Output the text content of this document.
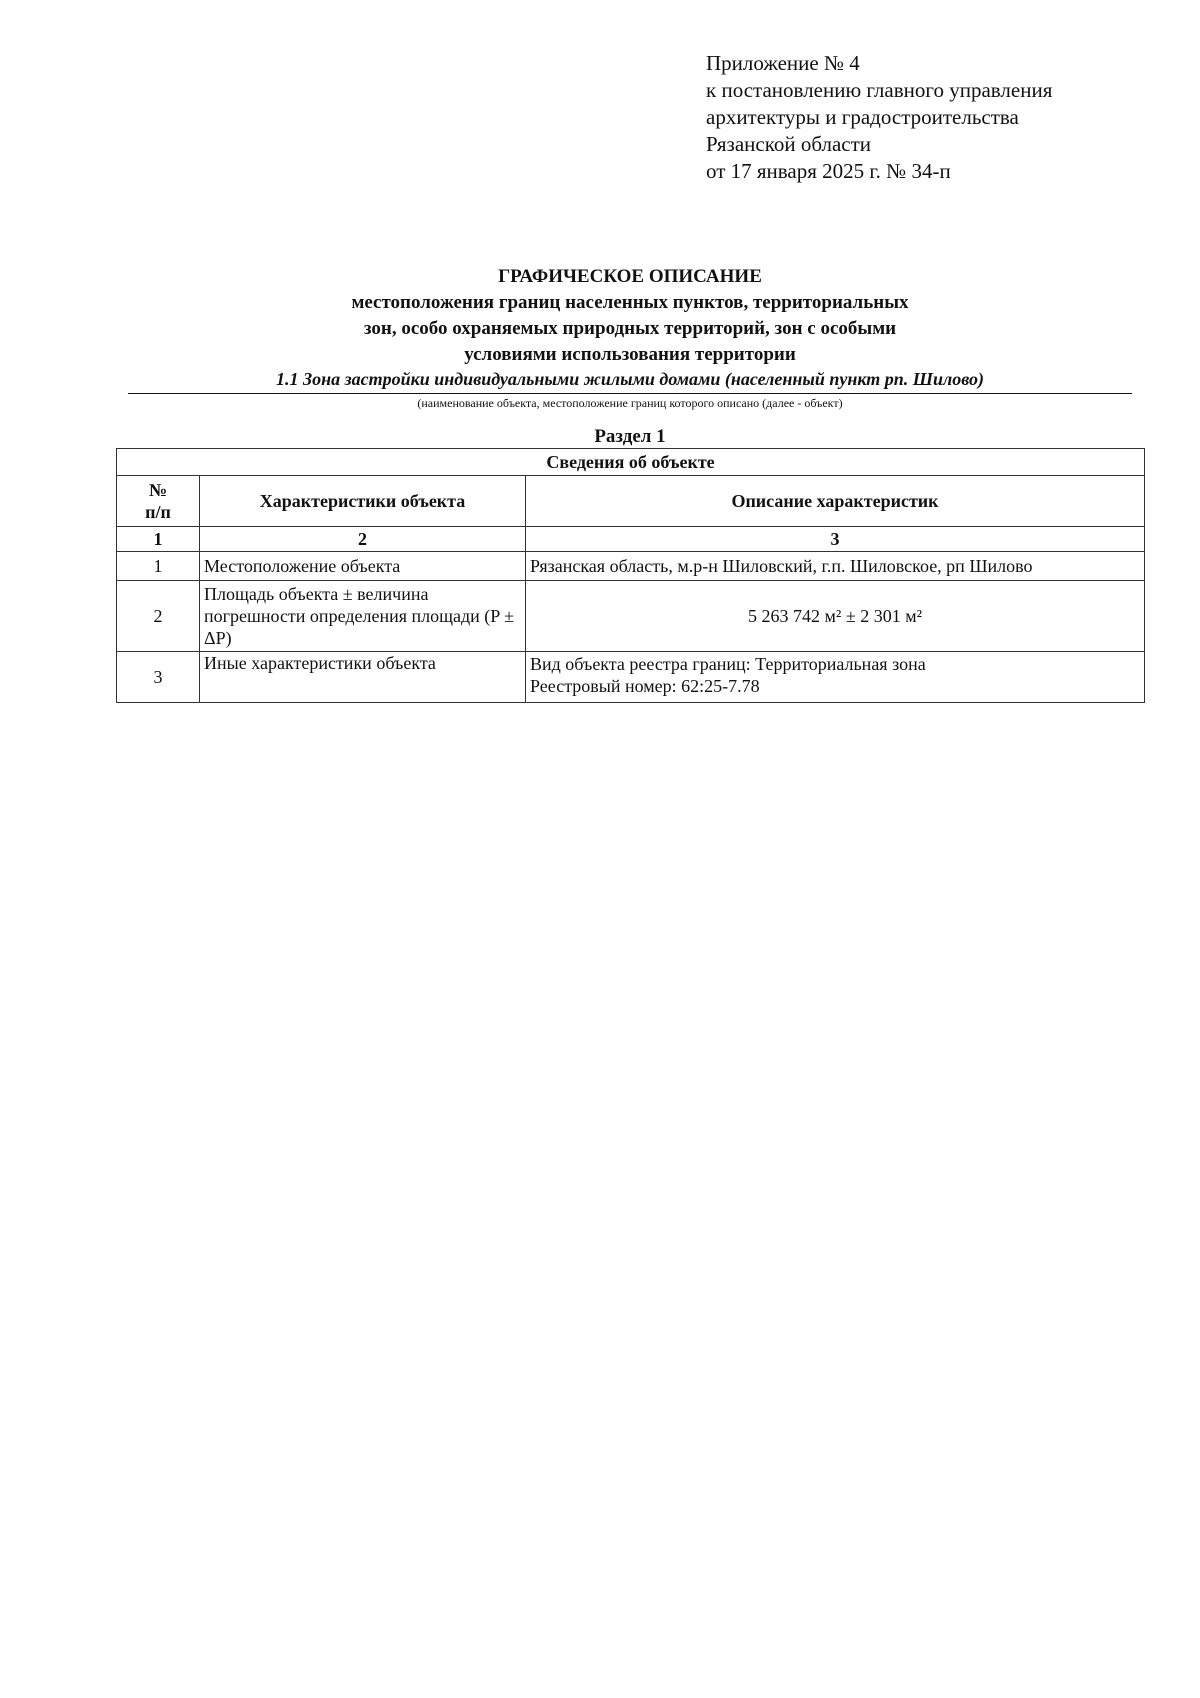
Приложение № 4
к постановлению главного управления
архитектуры и градостроительства
Рязанской области
от 17 января 2025 г. № 34-п
ГРАФИЧЕСКОЕ ОПИСАНИЕ
местоположения границ населенных пунктов, территориальных
зон, особо охраняемых природных территорий, зон с особыми
условиями использования территории
1.1 Зона застройки индивидуальными жилыми домами (населенный пункт рп. Шилово)
(наименование объекта, местоположение границ которого описано (далее - объект)
Раздел 1
Сведения об объекте		
№
п/п	Характеристики объекта	Описание характеристик
1	2	3
1	Местоположение объекта	Рязанская область, м.р-н Шиловский, г.п. Шиловское, рп Шилово
2	Площадь объекта ± величина погрешности определения площади (P ± ΔP)	5 263 742 м² ± 2 301 м²
3	Иные характеристики объекта	Вид объекта реестра границ: Территориальная зона
Реестровый номер: 62:25-7.78
